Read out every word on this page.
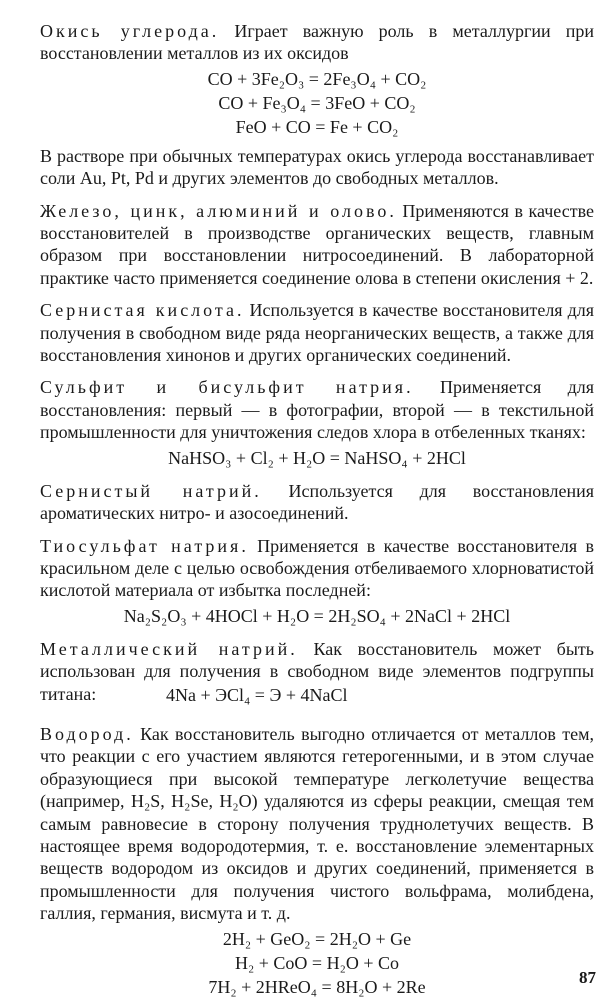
Окись углерода. Играет важную роль в металлургии при восстановлении металлов из их оксидов

CO + 3Fe₂O₃ = 2Fe₃O₄ + CO₂
CO + Fe₃O₄ = 3FeO + CO₂
FeO + CO = Fe + CO₂

В растворе при обычных температурах окись углерода восстанавливает соли Au, Pt, Pd и других элементов до свободных металлов.

Железо, цинк, алюминий и олово. Применяются в качестве восстановителей в производстве органических веществ, главным образом при восстановлении нитросоединений. В лабораторной практике часто применяется соединение олова в степени окисления + 2.

Сернистая кислота. Используется в качестве восстановителя для получения в свободном виде ряда неорганических веществ, а также для восстановления хинонов и других органических соединений.

Сульфит и бисульфит натрия. Применяется для восстановления: первый — в фотографии, второй — в текстильной промышленности для уничтожения следов хлора в отбеленных тканях:

NaHSO₃ + Cl₂ + H₂O = NaHSO₄ + 2HCl

Сернистый натрий. Используется для восстановления ароматических нитро- и азосоединений.

Тиосульфат натрия. Применяется в качестве восстановителя в красильном деле с целью освобождения отбеливаемого хлорноватистой кислотой материала от избытка последней:

Na₂S₂O₃ + 4HOCl + H₂O = 2H₂SO₄ + 2NaCl + 2HCl

Металлический натрий. Как восстановитель может быть использован для получения в свободном виде элементов подгруппы титана:	4Na + ЭCl₄ = Э + 4NaCl

Водород. Как восстановитель выгодно отличается от металлов тем, что реакции с его участием являются гетерогенными, и в этом случае образующиеся при высокой температуре легколетучие вещества (например, H₂S, H₂Se, H₂O) удаляются из сферы реакции, смещая тем самым равновесие в сторону получения труднолетучих веществ. В настоящее время водородотермия, т. е. восстановление элементарных веществ водородом из оксидов и других соединений, применяется в промышленности для получения чистого вольфрама, молибдена, галлия, германия, висмута и т. д.

2H₂ + GeO₂ = 2H₂O + Ge
H₂ + CoO = H₂O + Co
7H₂ + 2HReO₄ = 8H₂O + 2Re	87
